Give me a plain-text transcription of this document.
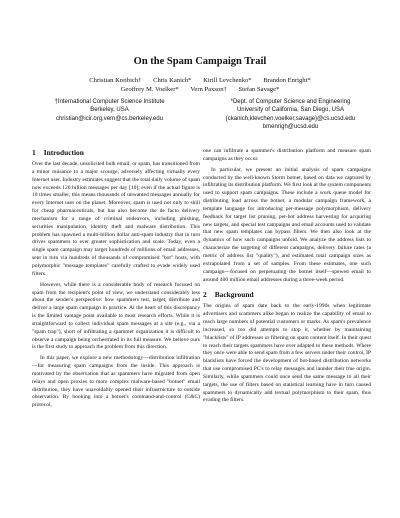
On the Spam Campaign Trail
Christian Kreibich† Chris Kanich* Kirill Levchenko* Brandon Enright*
Geoffrey M. Voelker* Vern Paxson† Stefan Savage*
†International Computer Science Institute
Berkeley, USA
christian@icir.org,vern@cs.berkeley.edu
*Dept. of Computer Science and Engineering
University of California, San Diego, USA
{ckanich,klevchen,voelker,savage}@cs.ucsd.edu
bmenrigh@ucsd.edu
1 Introduction

Over the last decade, unsolicited bulk email, or spam, has transitioned from a minor nuisance to a major scourge, adversely affecting virtually every Internet user. Industry estimates suggest that the total daily volume of spam now exceeds 120 billion messages per day [10]; even if the actual figure is 10 times smaller, this means thousands of unwanted messages annually for every Internet user on the planet. Moreover, spam is used not only to shill for cheap pharmaceuticals, but has also become the de facto delivery mechanism for a range of criminal endeavors, including phishing, securities manipulation, identity theft and malware distribution. This problem has spawned a multi-billion dollar anti-spam industry that in turn drives spammers to ever greater sophistication and scale. Today, even a single spam campaign may target hundreds of millions of email addresses, sent in turn via hundreds of thousands of compromised "bot" hosts, with polymorphic "message templates" carefully crafted to evade widely used filters.

However, while there is a considerable body of research focused on spam from the recipient's point of view, we understand considerably less about the sender's perspective: how spammers test, target, distribute and deliver a large spam campaign in practice. At the heart of this discrepancy is the limited vantage point available to most research efforts. While it is straightforward to collect individual spam messages at a site (e.g., via a "spam trap"), short of infiltrating a spammer organization it is difficult to observe a campaign being orchestrated in its full measure. We believe ours is the first study to approach the problem from this direction.

In this paper, we explore a new methodology—distribution infiltration—for measuring spam campaigns from the inside. This approach is motivated by the observation that as spammers have migrated from open relays and open proxies to more complex malware-based "botnet" email distribution, they have unavoidably opened their infrastructure to outside observation. By hooking into a botnet's command-and-control (C&C) protocol,

one can infiltrate a spammer's distribution platform and measure spam campaigns as they occur.

In particular, we present an initial analysis of spam campaigns conducted by the well-known Storm botnet, based on data we captured by infiltrating its distribution platform. We first look at the system components used to support spam campaigns. These include a work queue model for distributing load across the botnet, a modular campaign framework, a template language for introducing per-message polymorphism, delivery feedback for target list pruning, per-bot address harvesting for acquiring new targets, and special test campaigns and email accounts used to validate that new spam templates can bypass filters. We then also look at the dynamics of how such campaigns unfold. We analyze the address lists to characterize the targeting of different campaigns, delivery failure rates (a metric of address list "quality"), and estimated total campaign sizes as extrapolated from a set of samples. From these estimates, one such campaign—focused on perpetuating the botnet itself—spewed email to around 400 million email addresses during a three-week period.

2 Background

The origins of spam date back to the early-1990s when legitimate advertisers and scammers alike began to realize the capability of email to reach large numbers of potential customers or marks. As spam's prevalence increased, so too did attempts to stop it, whether by maintaining "blacklists" of IP addresses or filtering on spam content itself. In their quest to reach their targets spammers have ever adapted to these methods. Where they once were able to send spam from a few servers under their control, IP blacklists have forced the development of bot-based distribution networks that use compromised PC's to relay messages and launder their true origin. Similarly, while spammers could once send the same message to all their targets, the use of filters based on statistical learning have in turn caused spammers to dynamically add textual polymorphism to their spam, thus evading the filters.
